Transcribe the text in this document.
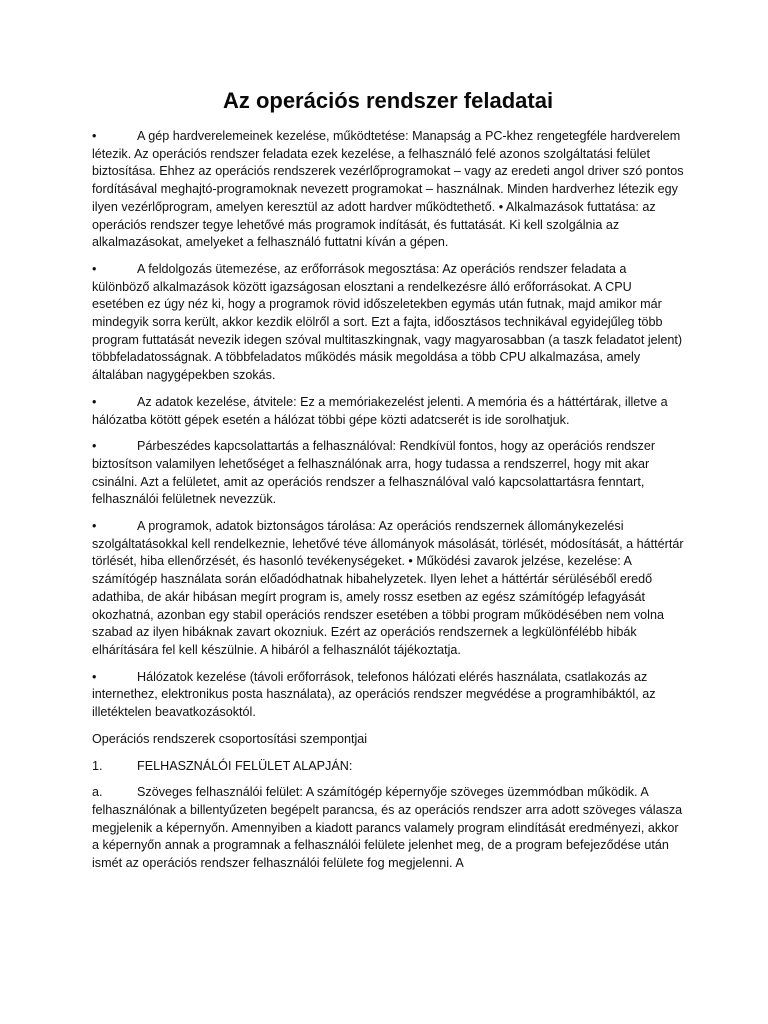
Az operációs rendszer feladatai

•	A gép hardverelemeinek kezelése, működtetése: Manapság a PC-khez rengetegféle hardverelem létezik. Az operációs rendszer feladata ezek kezelése, a felhasználó felé azonos szolgáltatási felület biztosítása. Ehhez az operációs rendszerek vezérlőprogramokat – vagy az eredeti angol driver szó pontos fordításával meghajtó-programoknak nevezett programokat – használnak. Minden hardverhez létezik egy ilyen vezérlőprogram, amelyen keresztül az adott hardver működtethető. • Alkalmazások futtatása: az operációs rendszer tegye lehetővé más programok indítását, és futtatását. Ki kell szolgálnia az alkalmazásokat, amelyeket a felhasználó futtatni kíván a gépen.

•	A feldolgozás ütemezése, az erőforrások megosztása: Az operációs rendszer feladata a különböző alkalmazások között igazságosan elosztani a rendelkezésre álló erőforrásokat. A CPU esetében ez úgy néz ki, hogy a programok rövid időszeletekben egymás után futnak, majd amikor már mindegyik sorra került, akkor kezdik elölről a sort. Ezt a fajta, időosztásos technikával egyidejűleg több program futtatását nevezik idegen szóval multitaszkingnak, vagy magyarosabban (a taszk feladatot jelent) többfeladatosságnak. A többfeladatos működés másik megoldása a több CPU alkalmazása, amely általában nagygépekben szokás.

•	Az adatok kezelése, átvitele: Ez a memóriakezelést jelenti. A memória és a háttértárak, illetve a hálózatba kötött gépek esetén a hálózat többi gépe közti adatcserét is ide sorolhatjuk.

•	Párbeszédes kapcsolattartás a felhasználóval: Rendkívül fontos, hogy az operációs rendszer biztosítson valamilyen lehetőséget a felhasználónak arra, hogy tudassa a rendszerrel, hogy mit akar csinálni. Azt a felületet, amit az operációs rendszer a felhasználóval való kapcsolattartásra fenntart, felhasználói felületnek nevezzük.

•	A programok, adatok biztonságos tárolása: Az operációs rendszernek állománykezelési szolgáltatásokkal kell rendelkeznie, lehetővé téve állományok másolását, törlését, módosítását, a háttértár törlését, hiba ellenőrzését, és hasonló tevékenységeket. • Működési zavarok jelzése, kezelése: A számítógép használata során előadódhatnak hibahelyzetek. Ilyen lehet a háttértár sérüléséből eredő adathiba, de akár hibásan megírt program is, amely rossz esetben az egész számítógép lefagyását okozhatná, azonban egy stabil operációs rendszer esetében a többi program működésében nem volna szabad az ilyen hibáknak zavart okozniuk. Ezért az operációs rendszernek a legkülönfélébb hibák elhárítására fel kell készülnie. A hibáról a felhasználót tájékoztatja.

•	Hálózatok kezelése (távoli erőforrások, telefonos hálózati elérés használata, csatlakozás az internethez, elektronikus posta használata), az operációs rendszer megvédése a programhibáktól, az illetéktelen beavatkozásoktól.

Operációs rendszerek csoportosítási szempontjai

1.	FELHASZNÁLÓI FELÜLET ALAPJÁN:

a.	Szöveges felhasználói felület: A számítógép képernyője szöveges üzemmódban működik. A felhasználónak a billentyűzeten begépelt parancsa, és az operációs rendszer arra adott szöveges válasza megjelenik a képernyőn. Amennyiben a kiadott parancs valamely program elindítását eredményezi, akkor a képernyőn annak a programnak a felhasználói felülete jelenhet meg, de a program befejeződése után ismét az operációs rendszer felhasználói felülete fog megjelenni. A
